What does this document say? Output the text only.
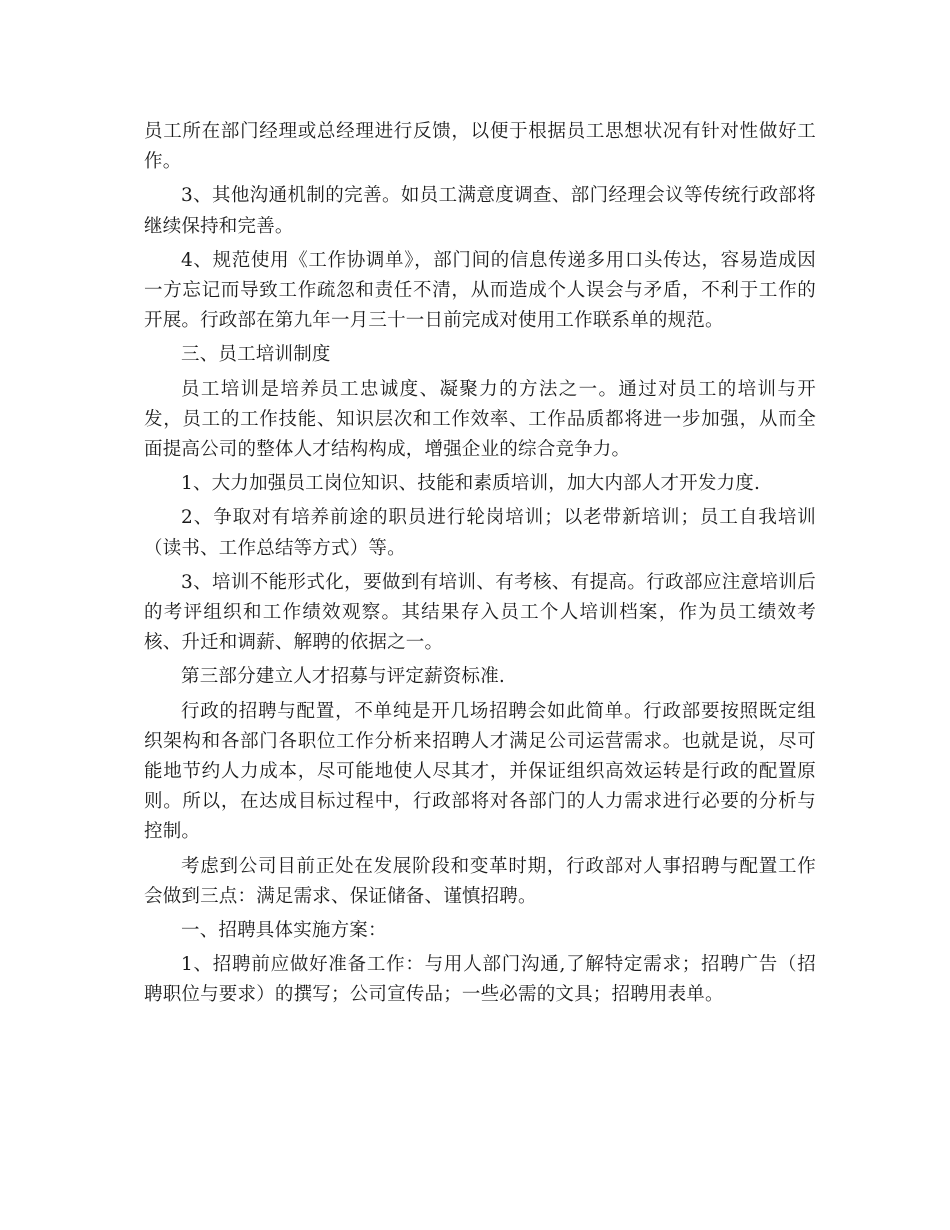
员工所在部门经理或总经理进行反馈，以便于根据员工思想状况有针对性做好工作。

3、其他沟通机制的完善。如员工满意度调查、部门经理会议等传统行政部将继续保持和完善。

4、规范使用《工作协调单》，部门间的信息传递多用口头传达，容易造成因一方忘记而导致工作疏忽和责任不清，从而造成个人误会与矛盾，不利于工作的开展。行政部在第九年一月三十一日前完成对使用工作联系单的规范。

三、员工培训制度

员工培训是培养员工忠诚度、凝聚力的方法之一。通过对员工的培训与开发，员工的工作技能、知识层次和工作效率、工作品质都将进一步加强，从而全面提高公司的整体人才结构构成，增强企业的综合竞争力。

1、大力加强员工岗位知识、技能和素质培训，加大内部人才开发力度.

2、争取对有培养前途的职员进行轮岗培训；以老带新培训；员工自我培训（读书、工作总结等方式）等。

3、培训不能形式化，要做到有培训、有考核、有提高。行政部应注意培训后的考评组织和工作绩效观察。其结果存入员工个人培训档案，作为员工绩效考核、升迁和调薪、解聘的依据之一。

第三部分建立人才招募与评定薪资标准.

行政的招聘与配置，不单纯是开几场招聘会如此简单。行政部要按照既定组织架构和各部门各职位工作分析来招聘人才满足公司运营需求。也就是说，尽可能地节约人力成本，尽可能地使人尽其才，并保证组织高效运转是行政的配置原则。所以，在达成目标过程中，行政部将对各部门的人力需求进行必要的分析与控制。

考虑到公司目前正处在发展阶段和变革时期，行政部对人事招聘与配置工作会做到三点：满足需求、保证储备、谨慎招聘。

一、招聘具体实施方案：

1、招聘前应做好准备工作：与用人部门沟通,了解特定需求；招聘广告（招聘职位与要求）的撰写；公司宣传品；一些必需的文具；招聘用表单。
